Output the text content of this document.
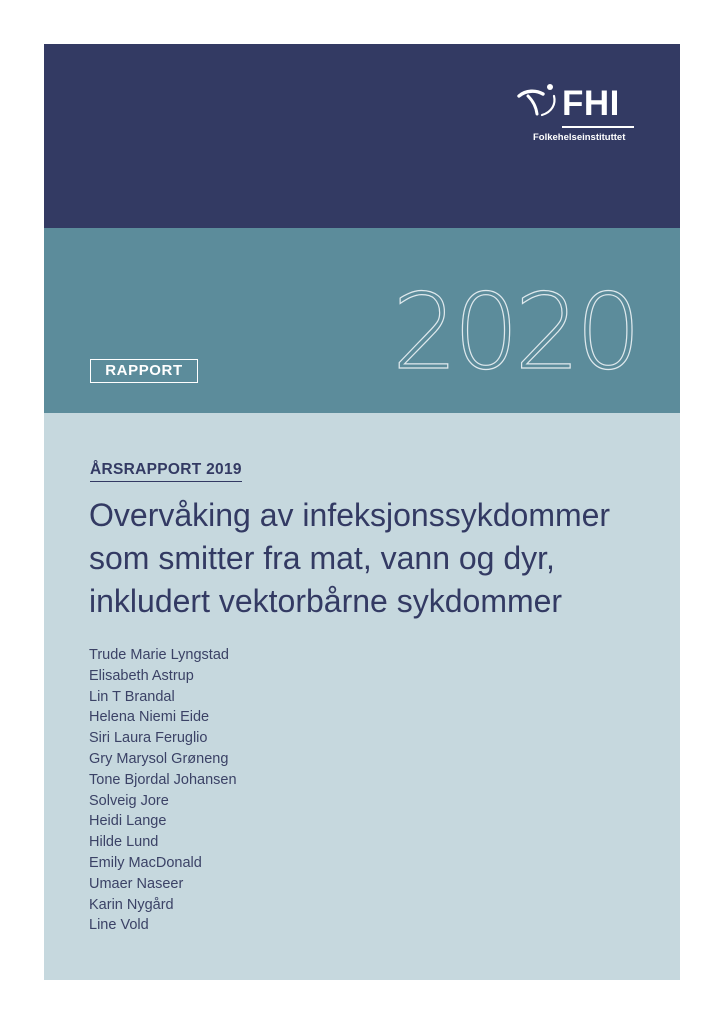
FHI
Folkehelseinstituttet
2020
RAPPORT
ÅRSRAPPORT 2019
Overvåking av infeksjonssykdommer
som smitter fra mat, vann og dyr,
inkludert vektorbårne sykdommer
Trude Marie Lyngstad
Elisabeth Astrup
Lin T Brandal
Helena Niemi Eide
Siri Laura Feruglio
Gry Marysol Grøneng
Tone Bjordal Johansen
Solveig Jore
Heidi Lange
Hilde Lund
Emily MacDonald
Umaer Naseer
Karin Nygård
Line Vold
